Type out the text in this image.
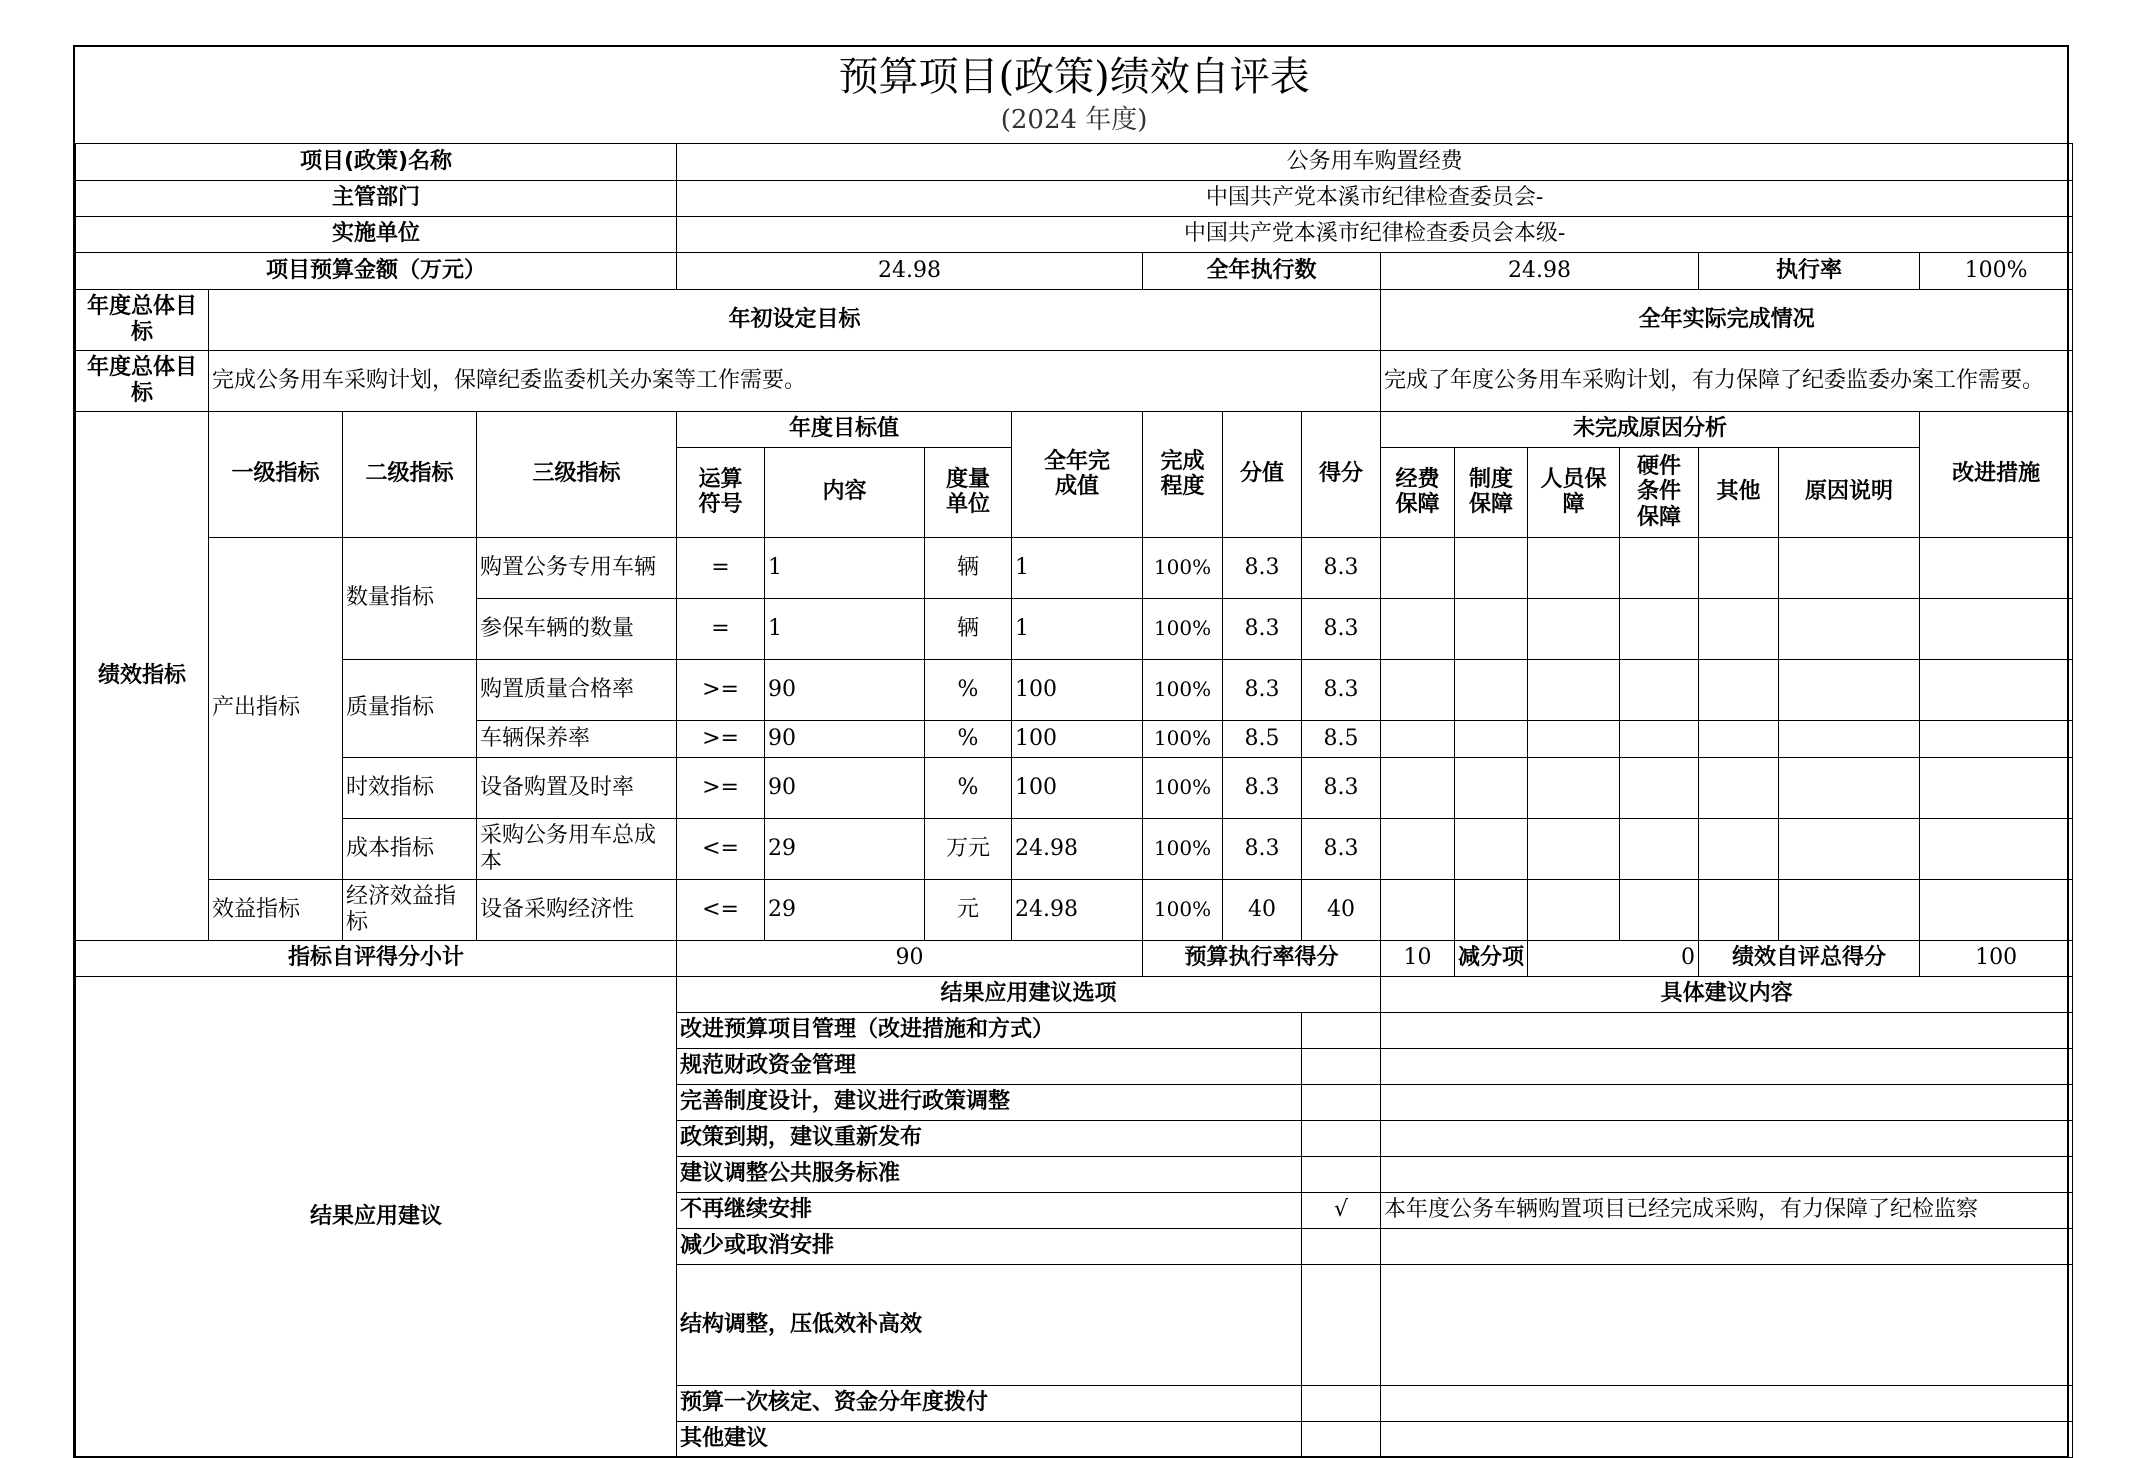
预算项目(政策)绩效自评表
(2024 年度)																	

项目(政策)名称				公务用车购置经费													
主管部门				中国共产党本溪市纪律检查委员会-													
实施单位				中国共产党本溪市纪律检查委员会本级-													
项目预算金额（万元）				24.98				全年执行数			24.98				执行率		100%
年度总体目标	年初设定目标										全年实际完成情况						
年度总体目标	完成公务用车采购计划，保障纪委监委机关办案等工作需要。										完成了年度公务用车采购计划，有力保障了纪委监委办案工作需要。						
绩效指标	一级指标	二级指标	三级指标	年度目标值			全年完成值	完成程度	分值	得分	未完成原因分析						改进措施
				运算符号	内容	度量单位					经费保障	制度保障	人员保障	硬件条件保障	其他	原因说明	
	产出指标	数量指标	购置公务专用车辆	=	1	辆	1	100%	8.3	8.3							
			参保车辆的数量	=	1	辆	1	100%	8.3	8.3							
		质量指标	购置质量合格率	>=	90	%	100	100%	8.3	8.3							
			车辆保养率	>=	90	%	100	100%	8.5	8.5							
		时效指标	设备购置及时率	>=	90	%	100	100%	8.3	8.3							
		成本指标	采购公务用车总成本	<=	29	万元	24.98	100%	8.3	8.3							
	效益指标	经济效益指标	设备采购经济性	<=	29	元	24.98	100%	40	40							
指标自评得分小计				90				预算执行率得分			10	减分项	0		绩效自评总得分		100
结果应用建议				结果应用建议选项							具体建议内容						
				改进预算项目管理（改进措施和方式）													
				规范财政资金管理													
				完善制度设计，建议进行政策调整													
				政策到期，建议重新发布													
				建议调整公共服务标准													
				不再继续安排						√	本年度公务车辆购置项目已经完成采购，有力保障了纪检监察						
				减少或取消安排													
				结构调整，压低效补高效													
				预算一次核定、资金分年度拨付													
				其他建议													
